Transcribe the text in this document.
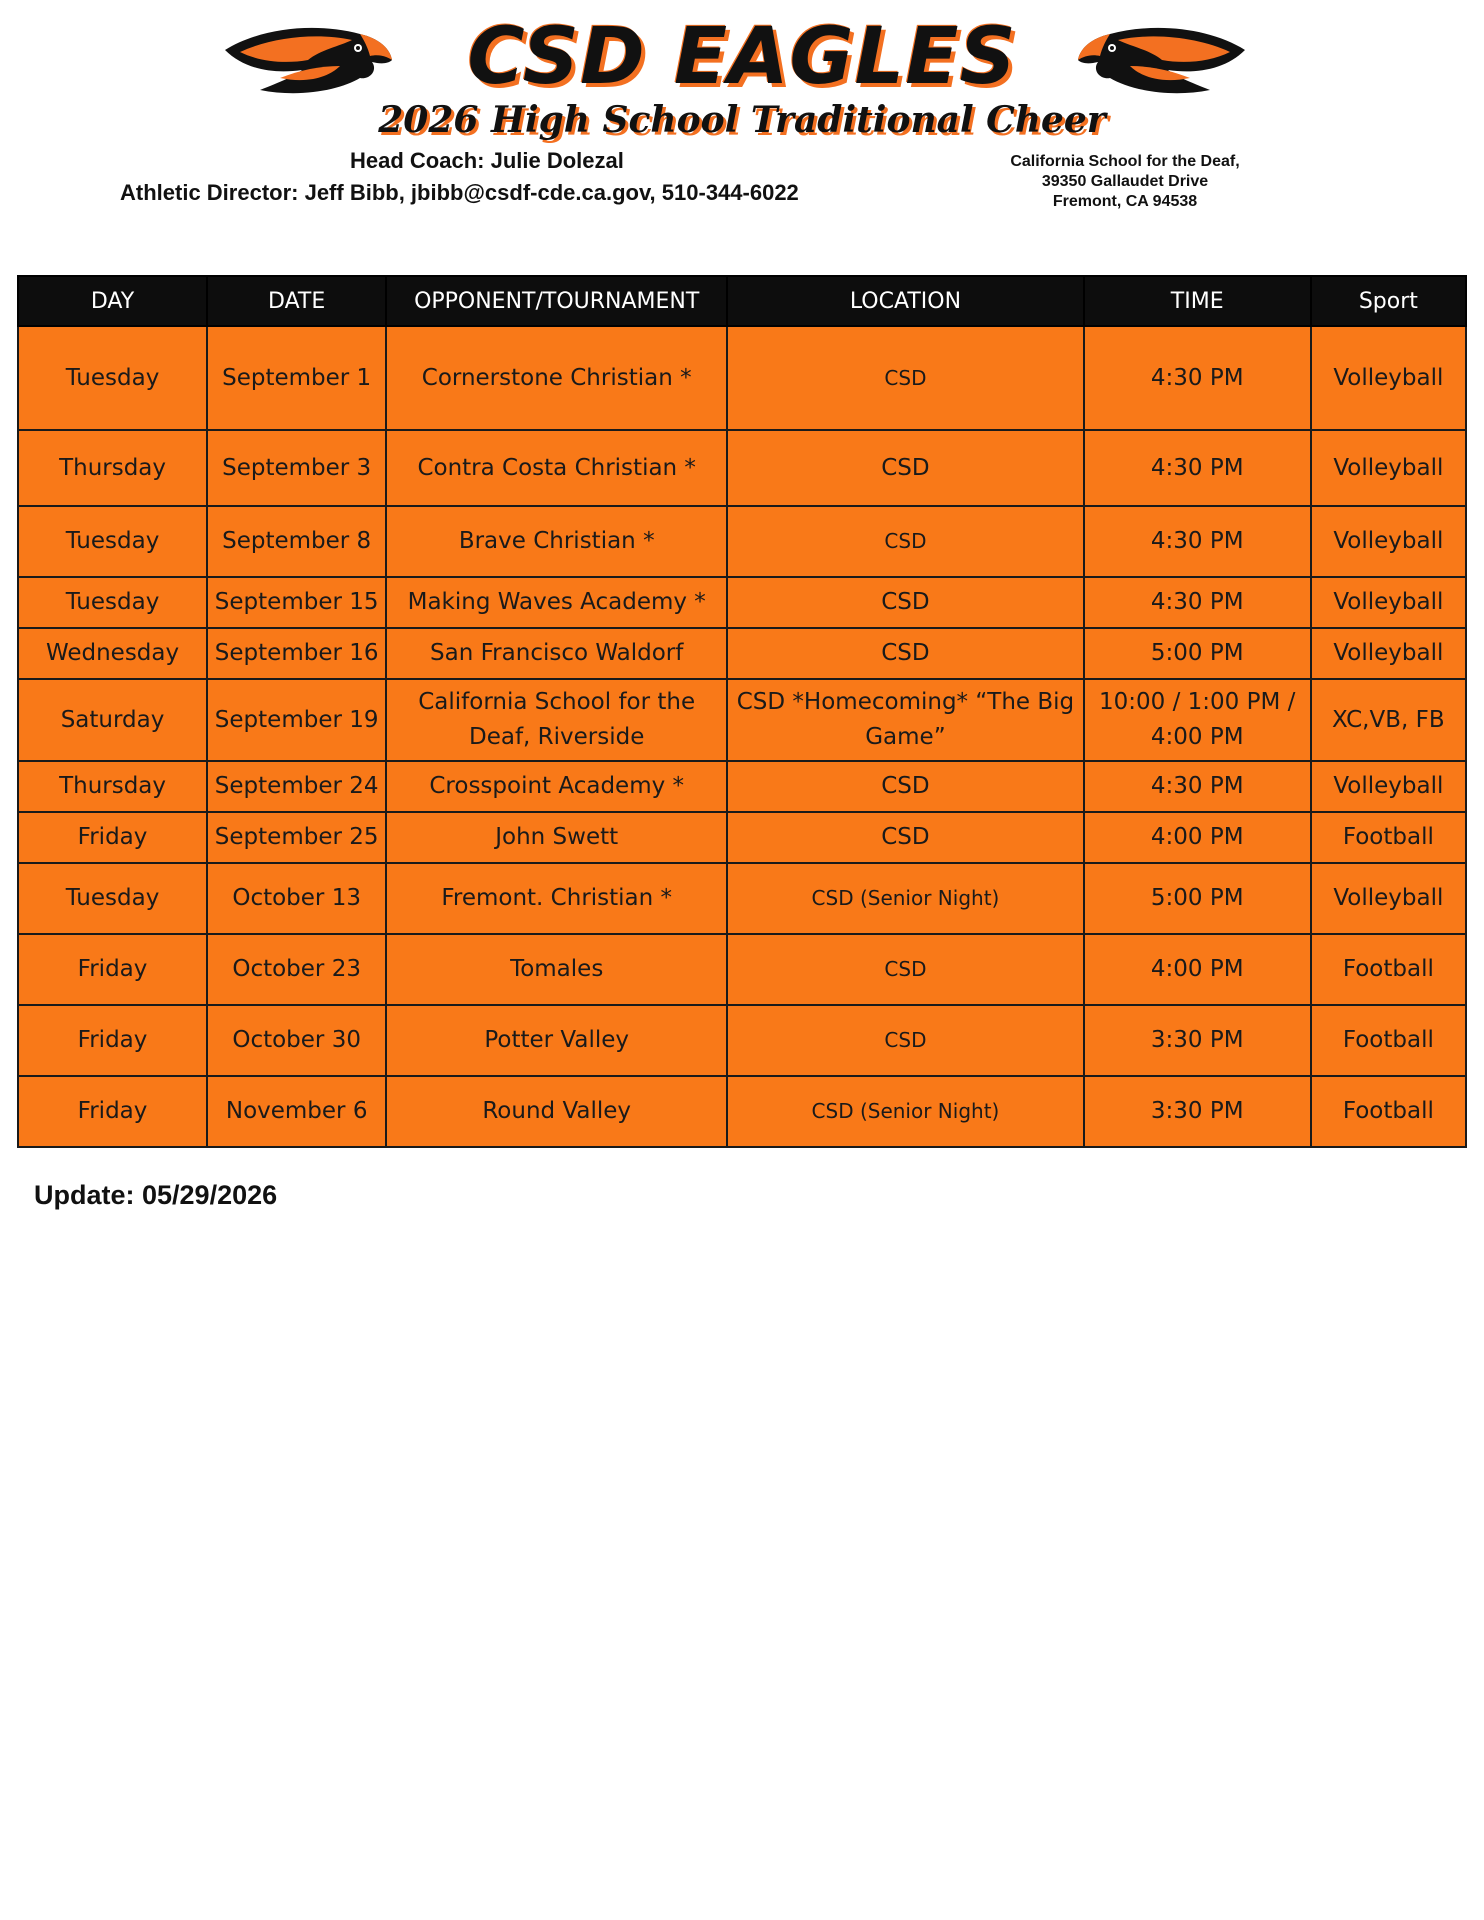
CSD EAGLES
2026 High School Traditional Cheer
Head Coach: Julie Dolezal
Athletic Director: Jeff Bibb, jbibb@csdf-cde.ca.gov, 510-344-6022
California School for the Deaf,
39350 Gallaudet Drive
Fremont, CA 94538
DAY	DATE	OPPONENT/TOURNAMENT	LOCATION	TIME	Sport
Tuesday	September 1	Cornerstone Christian *	CSD	4:30 PM	Volleyball
Thursday	September 3	Contra Costa Christian *	CSD	4:30 PM	Volleyball
Tuesday	September 8	Brave Christian *	CSD	4:30 PM	Volleyball
Tuesday	September 15	Making Waves Academy *	CSD	4:30 PM	Volleyball
Wednesday	September 16	San Francisco Waldorf	CSD	5:00 PM	Volleyball
Saturday	September 19	California School for the Deaf, Riverside	CSD *Homecoming* “The Big Game”	10:00 / 1:00 PM / 4:00 PM	XC,VB, FB
Thursday	September 24	Crosspoint Academy *	CSD	4:30 PM	Volleyball
Friday	September 25	John Swett	CSD	4:00 PM	Football
Tuesday	October 13	Fremont. Christian *	CSD (Senior Night)	5:00 PM	Volleyball
Friday	October 23	Tomales	CSD	4:00 PM	Football
Friday	October 30	Potter Valley	CSD	3:30 PM	Football
Friday	November 6	Round Valley	CSD (Senior Night)	3:30 PM	Football
Update: 05/29/2026
